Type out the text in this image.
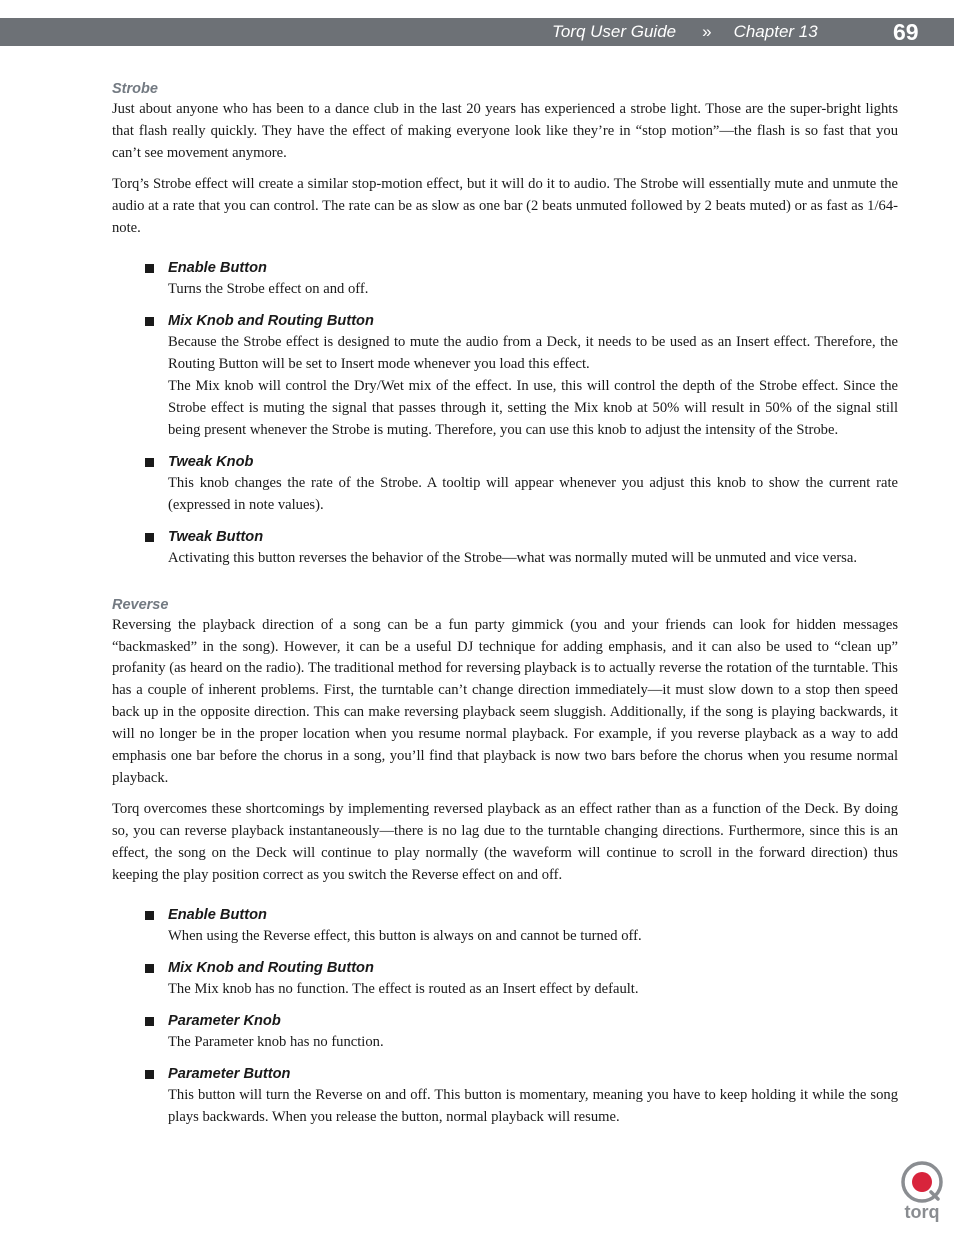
Torq User Guide » Chapter 13	69
Strobe

Just about anyone who has been to a dance club in the last 20 years has experienced a strobe light. Those are the super-bright lights that flash really quickly. They have the effect of making everyone look like they’re in “stop motion”—the flash is so fast that you can’t see movement anymore.

Torq’s Strobe effect will create a similar stop-motion effect, but it will do it to audio. The Strobe will essentially mute and unmute the audio at a rate that you can control. The rate can be as slow as one bar (2 beats unmuted followed by 2 beats muted) or as fast as 1/64-note.

Enable Button

Turns the Strobe effect on and off.

Mix Knob and Routing Button

Because the Strobe effect is designed to mute the audio from a Deck, it needs to be used as an Insert effect. Therefore, the Routing Button will be set to Insert mode whenever you load this effect.

The Mix knob will control the Dry/Wet mix of the effect. In use, this will control the depth of the Strobe effect. Since the Strobe effect is muting the signal that passes through it, setting the Mix knob at 50% will result in 50% of the signal still being present whenever the Strobe is muting. Therefore, you can use this knob to adjust the intensity of the Strobe.

Tweak Knob

This knob changes the rate of the Strobe. A tooltip will appear whenever you adjust this knob to show the current rate (expressed in note values).

Tweak Button

Activating this button reverses the behavior of the Strobe—what was normally muted will be unmuted and vice versa.

Reverse

Reversing the playback direction of a song can be a fun party gimmick (you and your friends can look for hidden messages “backmasked” in the song). However, it can be a useful DJ technique for adding emphasis, and it can also be used to “clean up” profanity (as heard on the radio). The traditional method for reversing playback is to actually reverse the rotation of the turntable. This has a couple of inherent problems. First, the turntable can’t change direction immediately—it must slow down to a stop then speed back up in the opposite direction. This can make reversing playback seem sluggish. Additionally, if the song is playing backwards, it will no longer be in the proper location when you resume normal playback. For example, if you reverse playback as a way to add emphasis one bar before the chorus in a song, you’ll find that playback is now two bars before the chorus when you resume normal playback.

Torq overcomes these shortcomings by implementing reversed playback as an effect rather than as a function of the Deck. By doing so, you can reverse playback instantaneously—there is no lag due to the turntable changing directions. Furthermore, since this is an effect, the song on the Deck will continue to play normally (the waveform will continue to scroll in the forward direction) thus keeping the play position correct as you switch the Reverse effect on and off.

Enable Button

When using the Reverse effect, this button is always on and cannot be turned off.

Mix Knob and Routing Button

The Mix knob has no function. The effect is routed as an Insert effect by default.

Parameter Knob

The Parameter knob has no function.

Parameter Button

This button will turn the Reverse on and off. This button is momentary, meaning you have to keep holding it while the song plays backwards. When you release the button, normal playback will resume.

torq
